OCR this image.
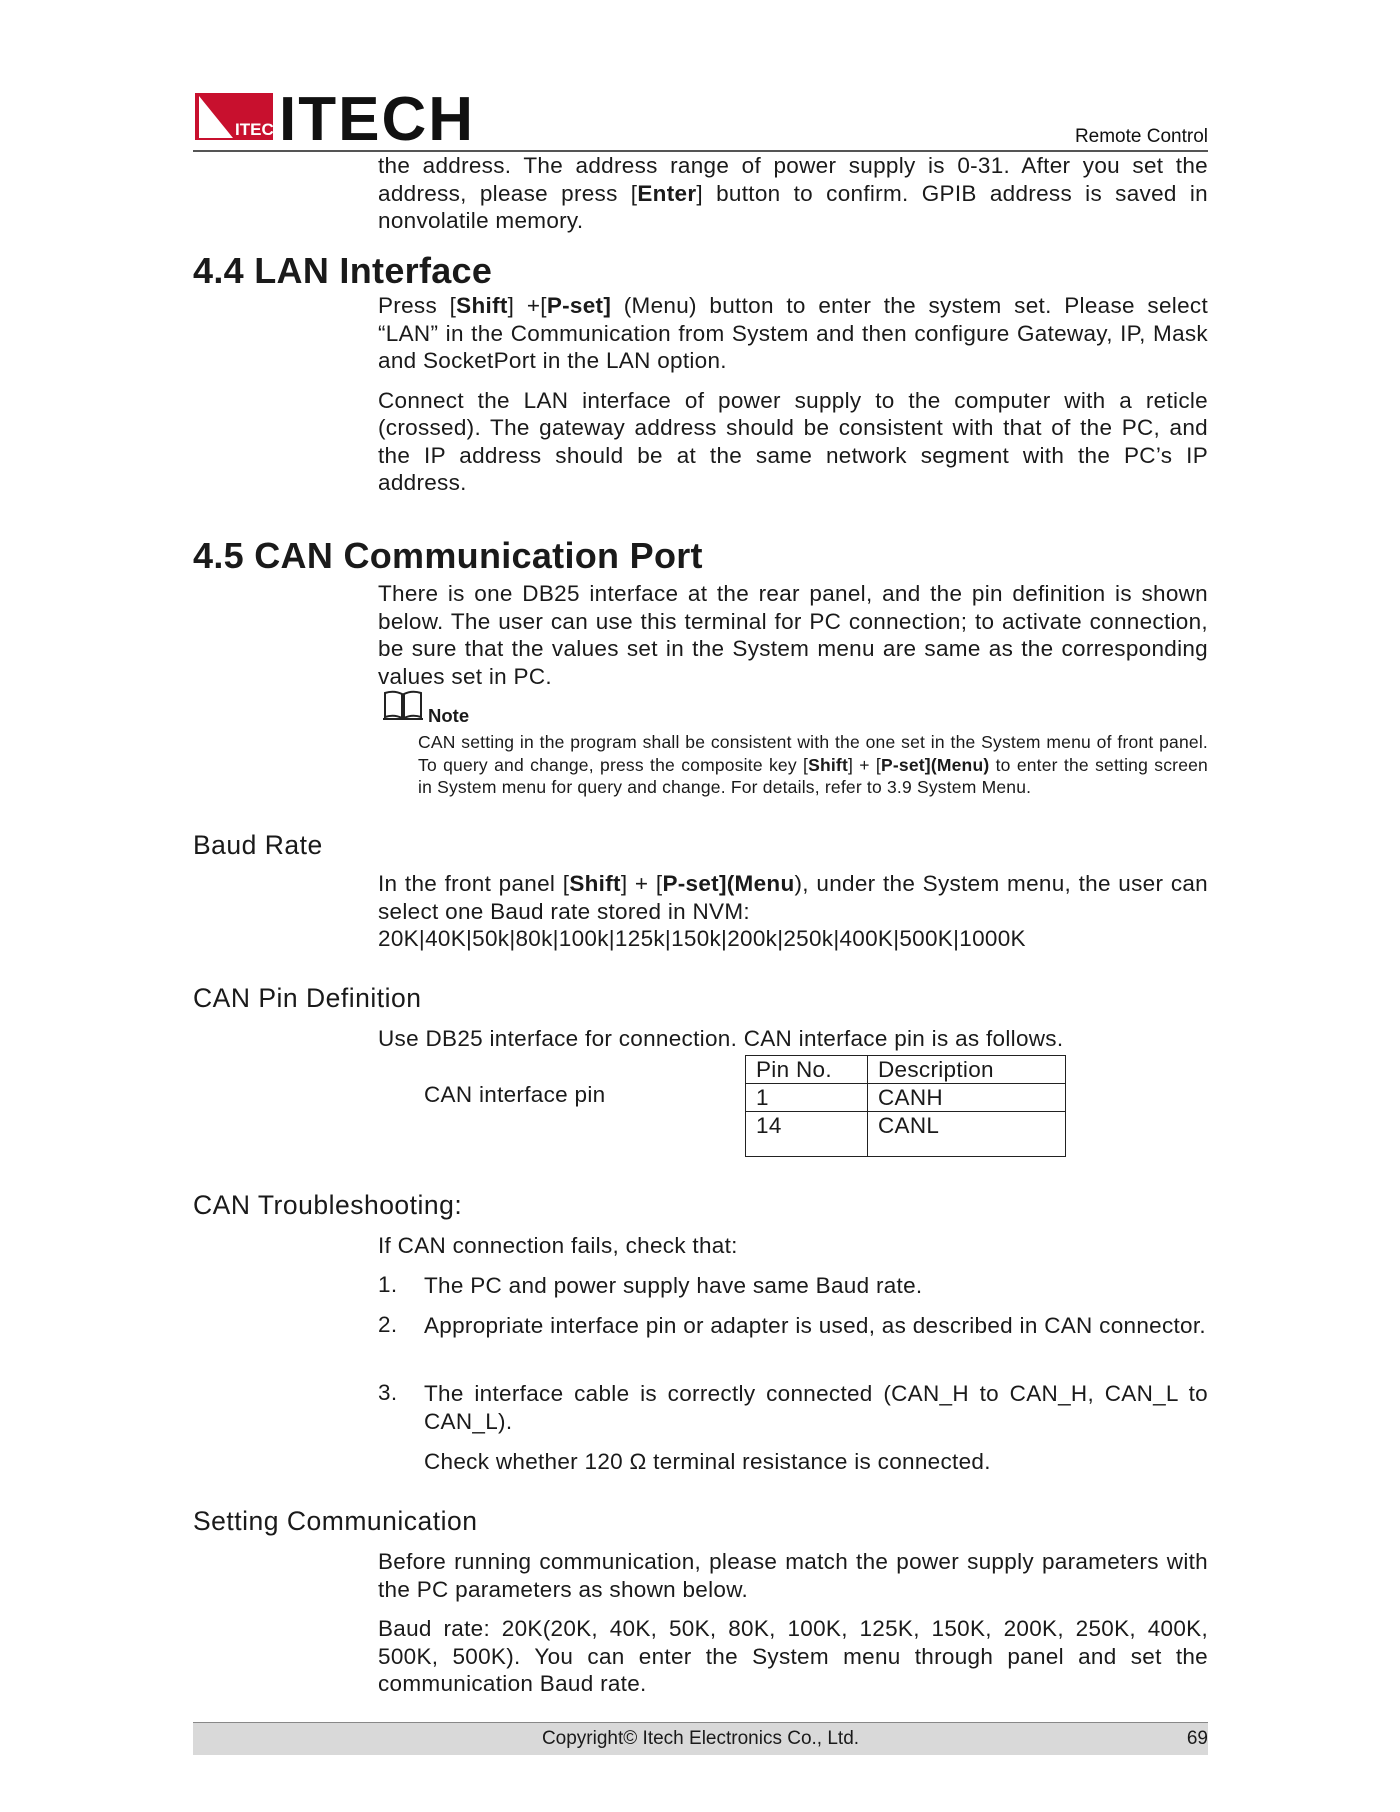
ITECH
ITECH	Remote Control

the address. The address range of power supply is 0-31. After you set the address, please press [Enter] button to confirm. GPIB address is saved in nonvolatile memory.

4.4 LAN Interface

Press [Shift] +[P-set] (Menu) button to enter the system set. Please select “LAN” in the Communication from System and then configure Gateway, IP, Mask and SocketPort in the LAN option.

Connect the LAN interface of power supply to the computer with a reticle (crossed). The gateway address should be consistent with that of the PC, and the IP address should be at the same network segment with the PC’s IP address.

4.5 CAN Communication Port
There is one DB25 interface at the rear panel, and the pin definition is shown below. The user can use this terminal for PC connection; to activate connection, be sure that the values set in the System menu are same as the corresponding values set in PC.
Note
CAN setting in the program shall be consistent with the one set in the System menu of front panel. To query and change, press the composite key [Shift] + [P-set](Menu) to enter the setting screen in System menu for query and change. For details, refer to 3.9 System Menu.
Baud Rate

In the front panel [Shift] + [P-set](Menu), under the System menu, the user can select one Baud rate stored in NVM:

20K|40K|50k|80k|100k|125k|150k|200k|250k|400K|500K|1000K

CAN Pin Definition
Use DB25 interface for connection. CAN interface pin is as follows.
CAN interface pin
Pin No.	Description
1	CANH
14	CANL
CAN Troubleshooting:
If CAN connection fails, check that:
1. The PC and power supply have same Baud rate.
2. Appropriate interface pin or adapter is used, as described in CAN connector.
3. The interface cable is correctly connected (CAN_H to CAN_H, CAN_L to CAN_L).
Check whether 120 Ω terminal resistance is connected.
Setting Communication

Before running communication, please match the power supply parameters with the PC parameters as shown below.

Baud rate: 20K(20K, 40K, 50K, 80K, 100K, 125K, 150K, 200K, 250K, 400K, 500K, 500K). You can enter the System menu through panel and set the communication Baud rate.

Copyright© Itech Electronics Co., Ltd.	69
